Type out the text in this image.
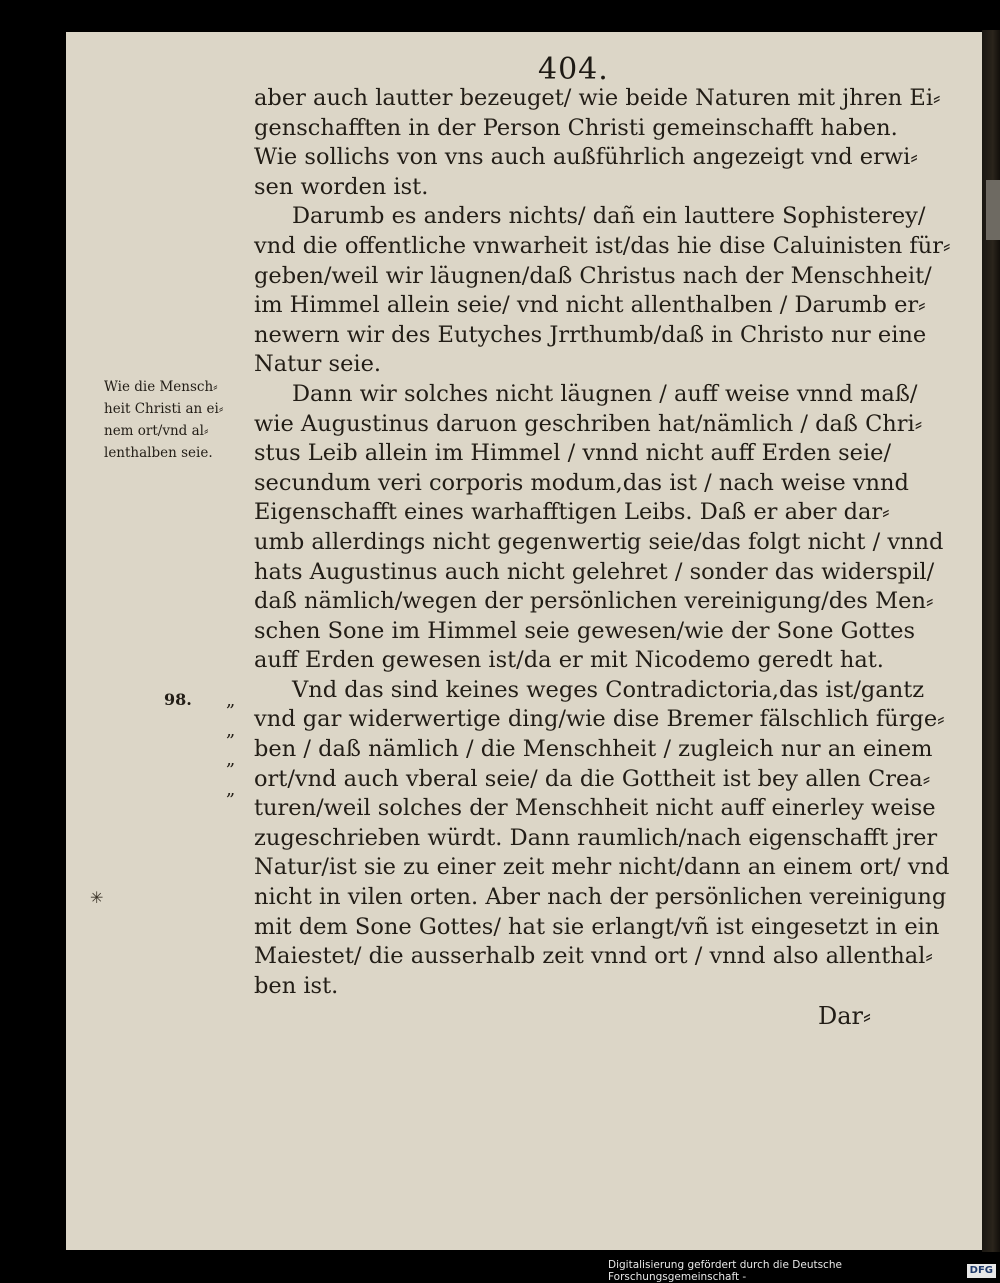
404.
Wie die Mensch⸗
heit Christi an ei⸗
nem ort/vnd al⸗
lenthalben seie.
98. „
„
„
„
aber auch lautter bezeuget/ wie beide Naturen mit jhren Ei⸗
genschafften in der Person Christi gemeinschafft haben.
Wie sollichs von vns auch außführlich angezeigt vnd erwi⸗
sen worden ist.
Darumb es anders nichts/ dañ ein lauttere Sophisterey/
vnd die offentliche vnwarheit ist/das hie dise Caluinisten für⸗
geben/weil wir läugnen/daß Christus nach der Menschheit/
im Himmel allein seie/ vnd nicht allenthalben / Darumb er⸗
newern wir des Eutyches Jrrthumb/daß in Christo nur eine
Natur seie.
Dann wir solches nicht läugnen / auff weise vnnd maß/
wie Augustinus daruon geschriben hat/nämlich / daß Chri⸗
stus Leib allein im Himmel / vnnd nicht auff Erden seie/
secundum veri corporis modum,das ist / nach weise vnnd
Eigenschafft eines warhafftigen Leibs. Daß er aber dar⸗
umb allerdings nicht gegenwertig seie/das folgt nicht / vnnd
hats Augustinus auch nicht gelehret / sonder das widerspil/
daß nämlich/wegen der persönlichen vereinigung/des Men⸗
schen Sone im Himmel seie gewesen/wie der Sone Gottes
auff Erden gewesen ist/da er mit Nicodemo geredt hat.
Vnd das sind keines weges Contradictoria,das ist/gantz
vnd gar widerwertige ding/wie dise Bremer fälschlich fürge⸗
ben / daß nämlich / die Menschheit / zugleich nur an einem
ort/vnd auch vberal seie/ da die Gottheit ist bey allen Crea⸗
turen/weil solches der Menschheit nicht auff einerley weise
zugeschrieben würdt. Dann raumlich/nach eigenschafft jrer
Natur/ist sie zu einer zeit mehr nicht/dann an einem ort/ vnd
nicht in vilen orten. Aber nach der persönlichen vereinigung
mit dem Sone Gottes/ hat sie erlangt/vñ ist eingesetzt in ein
Maiestet/ die ausserhalb zeit vnnd ort / vnnd also allenthal⸗
ben ist.
✳
Dar⸗
Digitalisierung gefördert durch die Deutsche Forschungsgemeinschaft -
DFG
